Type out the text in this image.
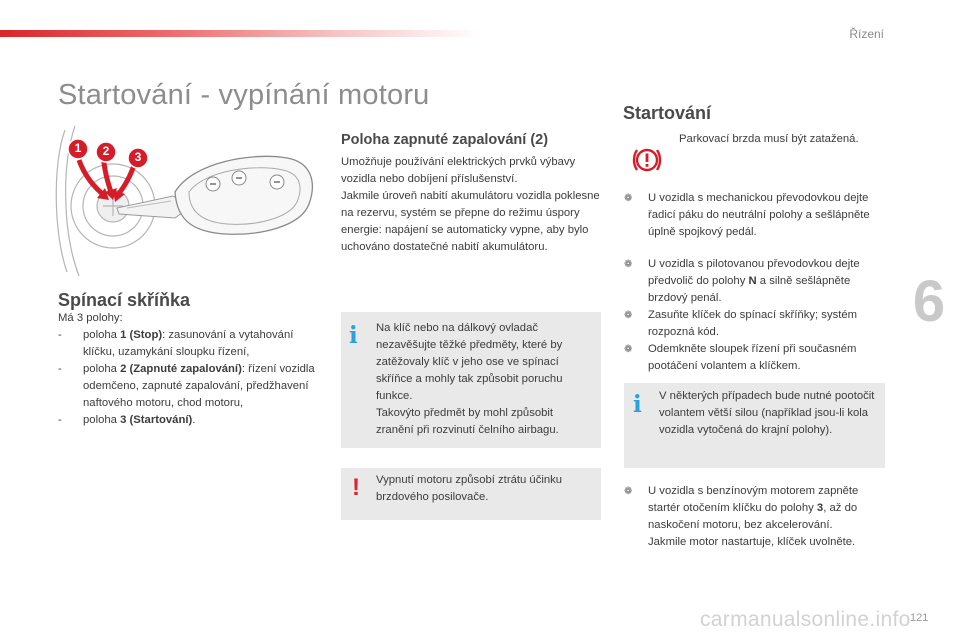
Řízení
Startování - vypínání motoru
6
121
carmanualsonline.info
1	2	3
Spínací skříňka
Má 3 polohy:
- poloha 1 (Stop): zasunování a vytahování klíčku, uzamykání sloupku řízení,
- poloha 2 (Zapnuté zapalování): řízení vozidla odemčeno, zapnuté zapalování, předžhavení naftového motoru, chod motoru,
- poloha 3 (Startování).
Poloha zapnuté zapalování (2)
Umožňuje používání elektrických prvků výbavy vozidla nebo dobíjení příslušenství.
Jakmile úroveň nabití akumulátoru vozidla poklesne na rezervu, systém se přepne do režimu úspory energie: napájení se automaticky vypne, aby bylo uchováno dostatečné nabití akumulátoru.
i Na klíč nebo na dálkový ovladač nezavěšujte těžké předměty, které by zatěžovaly klíč v jeho ose ve spínací skříňce a mohly tak způsobit poruchu funkce.
Takovýto předmět by mohl způsobit zranění při rozvinutí čelního airbagu.
! Vypnutí motoru způsobí ztrátu účinku brzdového posilovače.
Startování
Parkovací brzda musí být zatažená.
❁ U vozidla s mechanickou převodovkou dejte řadicí páku do neutrální polohy a sešlápněte úplně spojkový pedál.
❁ U vozidla s pilotovanou převodovkou dejte předvolič do polohy N a silně sešlápněte brzdový penál.
❁ Zasuňte klíček do spínací skříňky; systém rozpozná kód.
❁ Odemkněte sloupek řízení při současném pootáčení volantem a klíčkem.
i V některých případech bude nutné pootočit volantem větší silou (například jsou-li kola vozidla vytočená do krajní polohy).
❁ U vozidla s benzínovým motorem zapněte startér otočením klíčku do polohy 3, až do naskočení motoru, bez akcelerování.
Jakmile motor nastartuje, klíček uvolněte.
